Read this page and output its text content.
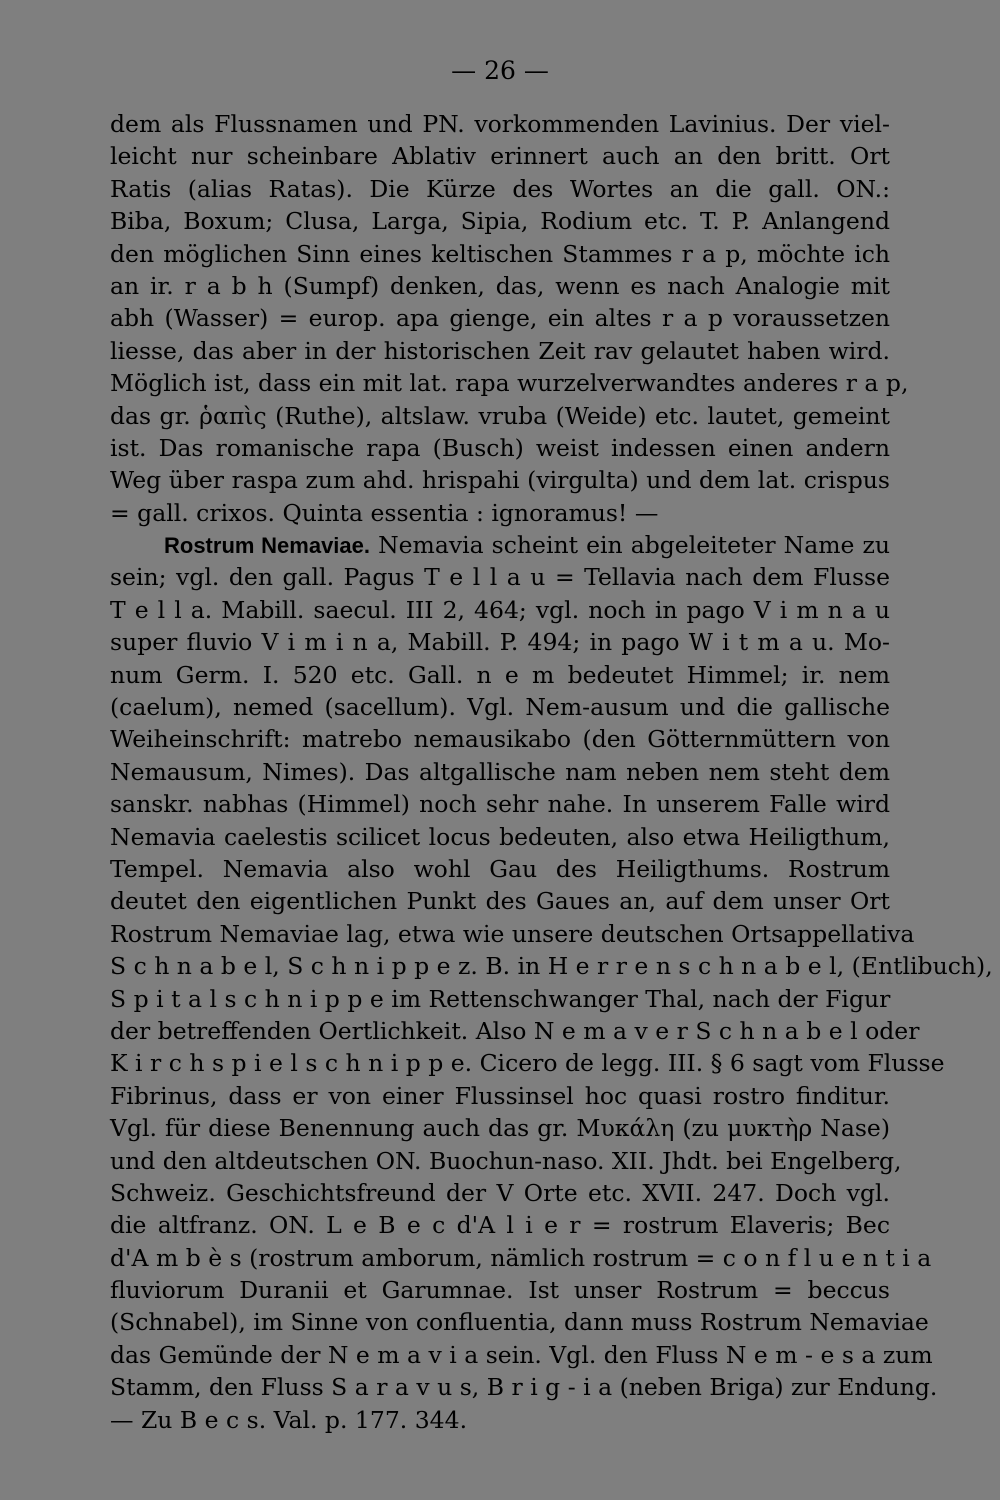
— 26 —
dem als Flussnamen und PN. vorkommenden Lavinius. Der viel-
leicht nur scheinbare Ablativ erinnert auch an den britt. Ort
Ratis (alias Ratas). Die Kürze des Wortes an die gall. ON.:
Biba, Boxum; Clusa, Larga, Sipia, Rodium etc. T. P. Anlangend
den möglichen Sinn eines keltischen Stammes r a p, möchte ich
an ir. r a b h (Sumpf) denken, das, wenn es nach Analogie mit
abh (Wasser) = europ. apa gienge, ein altes r a p voraussetzen
liesse, das aber in der historischen Zeit rav gelautet haben wird.
Möglich ist, dass ein mit lat. rapa wurzelverwandtes anderes r a p,
das gr. ῥαπὶς (Ruthe), altslaw. vruba (Weide) etc. lautet, gemeint
ist. Das romanische rapa (Busch) weist indessen einen andern
Weg über raspa zum ahd. hrispahi (virgulta) und dem lat. crispus
= gall. crixos. Quinta essentia : ignoramus! —
Rostrum Nemaviae. Nemavia scheint ein abgeleiteter Name zu
sein; vgl. den gall. Pagus T e l l a u = Tellavia nach dem Flusse
T e l l a. Mabill. saecul. III 2, 464; vgl. noch in pago V i m n a u
super fluvio V i m i n a, Mabill. P. 494; in pago W i t m a u. Mo-
num Germ. I. 520 etc. Gall. n e m bedeutet Himmel; ir. nem
(caelum), nemed (sacellum). Vgl. Nem-ausum und die gallische
Weiheinschrift: matrebo nemausikabo (den Götternmüttern von
Nemausum, Nimes). Das altgallische nam neben nem steht dem
sanskr. nabhas (Himmel) noch sehr nahe. In unserem Falle wird
Nemavia caelestis scilicet locus bedeuten, also etwa Heiligthum,
Tempel. Nemavia also wohl Gau des Heiligthums. Rostrum
deutet den eigentlichen Punkt des Gaues an, auf dem unser Ort
Rostrum Nemaviae lag, etwa wie unsere deutschen Ortsappellativa
S c h n a b e l, S c h n i p p e z. B. in H e r r e n s c h n a b e l, (Entlibuch),
S p i t a l s c h n i p p e im Rettenschwanger Thal, nach der Figur
der betreffenden Oertlichkeit. Also N e m a v e r S c h n a b e l oder
K i r c h s p i e l s c h n i p p e. Cicero de legg. III. § 6 sagt vom Flusse
Fibrinus, dass er von einer Flussinsel hoc quasi rostro finditur.
Vgl. für diese Benennung auch das gr. Μυκάλη (zu μυκτὴρ Nase)
und den altdeutschen ON. Buochun-naso. XII. Jhdt. bei Engelberg,
Schweiz. Geschichtsfreund der V Orte etc. XVII. 247. Doch vgl.
die altfranz. ON. L e B e c d'A l i e r = rostrum Elaveris; Bec
d'A m b è s (rostrum amborum, nämlich rostrum = c o n f l u e n t i a
fluviorum Duranii et Garumnae. Ist unser Rostrum = beccus
(Schnabel), im Sinne von confluentia, dann muss Rostrum Nemaviae
das Gemünde der N e m a v i a sein. Vgl. den Fluss N e m - e s a zum
Stamm, den Fluss S a r a v u s, B r i g - i a (neben Briga) zur Endung.
— Zu B e c s. Val. p. 177. 344.
